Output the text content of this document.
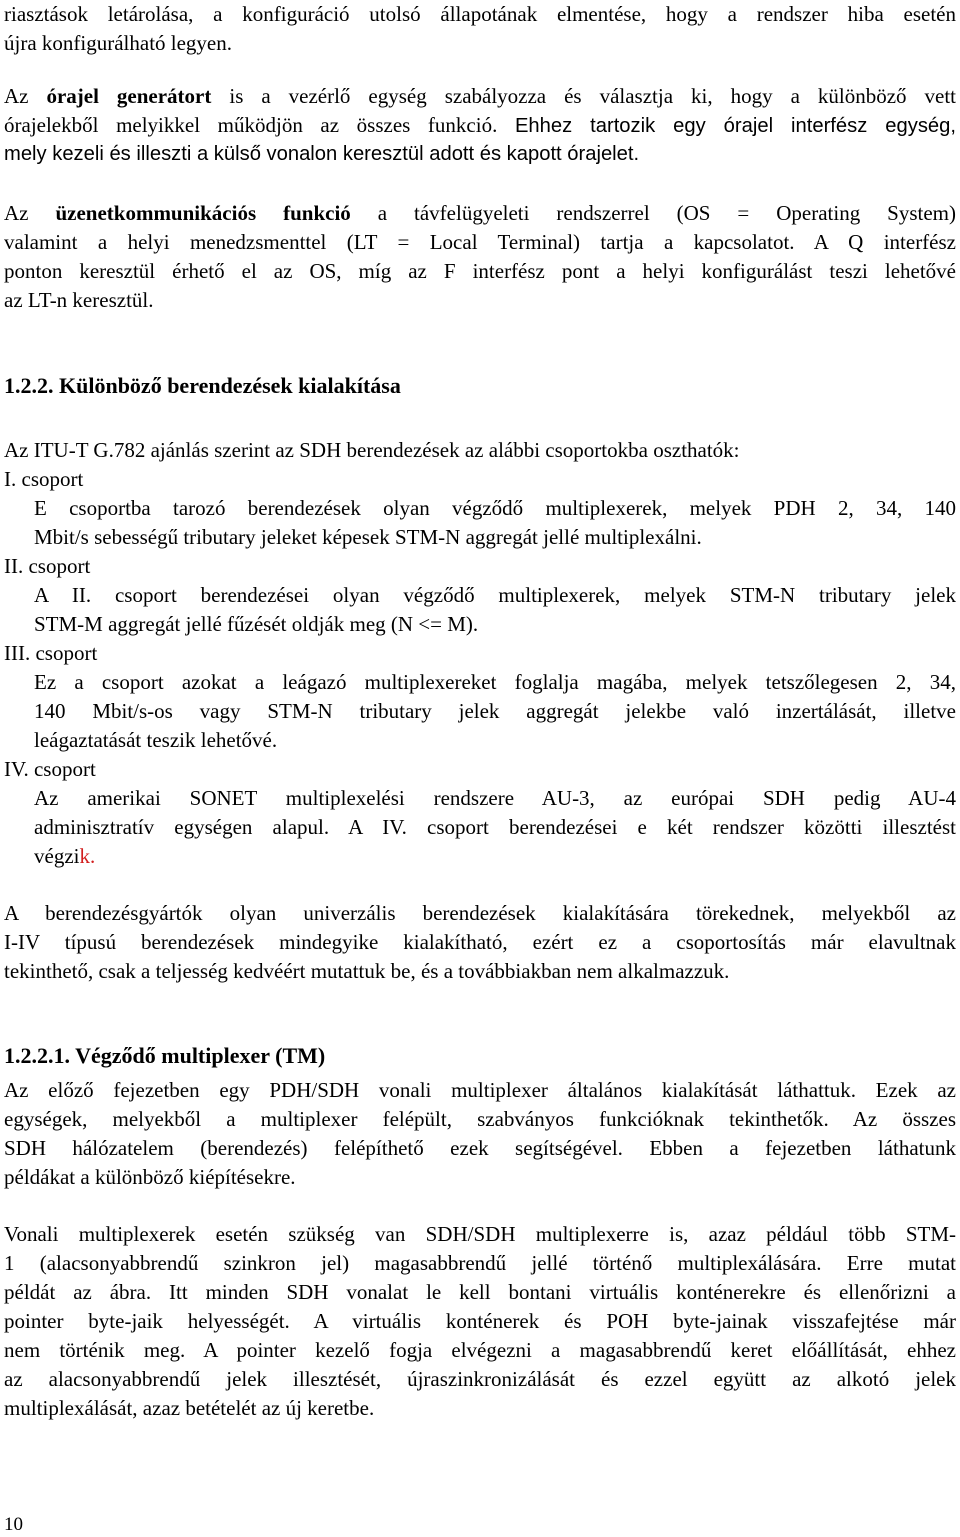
riasztások letárolása, a konfiguráció utolsó állapotának elmentése, hogy a rendszer hiba esetén
újra konfigurálható legyen.
Az órajel generátort is a vezérlő egység szabályozza és választja ki, hogy a különböző vett
órajelekből melyikkel működjön az összes funkció. Ehhez tartozik egy órajel interfész egység,
mely kezeli és illeszti a külső vonalon keresztül adott és kapott órajelet.
Az üzenetkommunikációs funkció a távfelügyeleti rendszerrel (OS = Operating System)
valamint a helyi menedzsmenttel (LT = Local Terminal) tartja a kapcsolatot. A Q interfész
ponton keresztül érhető el az OS, míg az F interfész pont a helyi konfigurálást teszi lehetővé
az LT-n keresztül.
1.2.2. Különböző berendezések kialakítása
Az ITU-T G.782 ajánlás szerint az SDH berendezések az alábbi csoportokba oszthatók:
I. csoport
E csoportba tarozó berendezések olyan végződő multiplexerek, melyek PDH 2, 34, 140
Mbit/s sebességű tributary jeleket képesek STM-N aggregát jellé multiplexálni.
II. csoport
A II. csoport berendezései olyan végződő multiplexerek, melyek STM-N tributary jelek
STM-M aggregát jellé fűzését oldják meg (N <= M).
III. csoport
Ez a csoport azokat a leágazó multiplexereket foglalja magába, melyek tetszőlegesen 2, 34,
140 Mbit/s-os vagy STM-N tributary jelek aggregát jelekbe való inzertálását, illetve
leágaztatását teszik lehetővé.
IV. csoport
Az amerikai SONET multiplexelési rendszere AU-3, az európai SDH pedig AU-4
adminisztratív egységen alapul. A IV. csoport berendezései e két rendszer közötti illesztést
végzik.
A berendezésgyártók olyan univerzális berendezések kialakítására törekednek, melyekből az
I-IV típusú berendezések mindegyike kialakítható, ezért ez a csoportosítás már elavultnak
tekinthető, csak a teljesség kedvéért mutattuk be, és a továbbiakban nem alkalmazzuk.
1.2.2.1. Végződő multiplexer (TM)
Az előző fejezetben egy PDH/SDH vonali multiplexer általános kialakítását láthattuk. Ezek az
egységek, melyekből a multiplexer felépült, szabványos funkcióknak tekinthetők. Az összes
SDH hálózatelem (berendezés) felépíthető ezek segítségével. Ebben a fejezetben láthatunk
példákat a különböző kiépítésekre.
Vonali multiplexerek esetén szükség van SDH/SDH multiplexerre is, azaz például több STM-
1 (alacsonyabbrendű szinkron jel) magasabbrendű jellé történő multiplexálására. Erre mutat
példát az ábra. Itt minden SDH vonalat le kell bontani virtuális konténerekre és ellenőrizni a
pointer byte-jaik helyességét. A virtuális konténerek és POH byte-jainak visszafejtése már
nem történik meg. A pointer kezelő fogja elvégezni a magasabbrendű keret előállítását, ehhez
az alacsonyabbrendű jelek illesztését, újraszinkronizálását és ezzel együtt az alkotó jelek
multiplexálását, azaz betételét az új keretbe.
10
